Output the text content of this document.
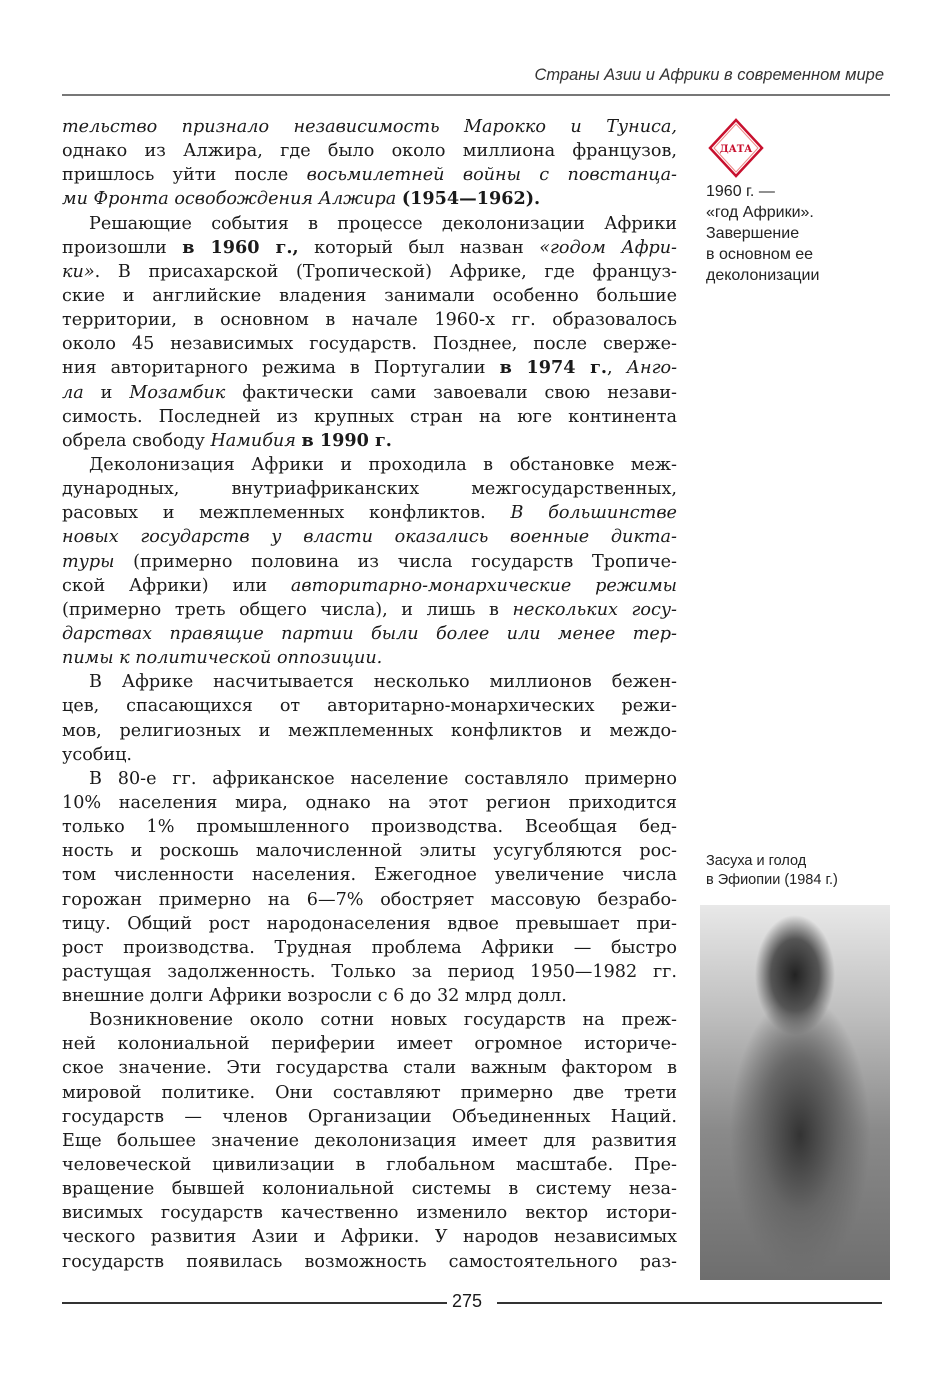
Страны Азии и Африки в современном мире
тельство признало независимость Марокко и Туниса,
однако из Алжира, где было около миллиона французов,
пришлось уйти после восьмилетней войны с повстанца-
ми Фронта освобождения Алжира (1954—1962).
Решающие события в процессе деколонизации Африки
произошли в 1960 г., который был назван «годом Афри-
ки». В присахарской (Тропической) Африке, где француз-
ские и английские владения занимали особенно большие
территории, в основном в начале 1960-х гг. образовалось
около 45 независимых государств. Позднее, после сверже-
ния авторитарного режима в Португалии в 1974 г., Анго-
ла и Мозамбик фактически сами завоевали свою незави-
симость. Последней из крупных стран на юге континента
обрела свободу Намибия в 1990 г.
Деколонизация Африки и проходила в обстановке меж-
дународных, внутриафриканских межгосударственных,
расовых и межплеменных конфликтов. В большинстве
новых государств у власти оказались военные дикта-
туры (примерно половина из числа государств Тропиче-
ской Африки) или авторитарно-монархические режимы
(примерно треть общего числа), и лишь в нескольких госу-
дарствах правящие партии были более или менее тер-
пимы к политической оппозиции.
В Африке насчитывается несколько миллионов бежен-
цев, спасающихся от авторитарно-монархических режи-
мов, религиозных и межплеменных конфликтов и междо-
усобиц.
В 80-е гг. африканское население составляло примерно
10% населения мира, однако на этот регион приходится
только 1% промышленного производства. Всеобщая бед-
ность и роскошь малочисленной элиты усугубляются рос-
том численности населения. Ежегодное увеличение числа
горожан примерно на 6—7% обостряет массовую безрабо-
тицу. Общий рост народонаселения вдвое превышает при-
рост производства. Трудная проблема Африки — быстро
растущая задолженность. Только за период 1950—1982 гг.
внешние долги Африки возросли с 6 до 32 млрд долл.
Возникновение около сотни новых государств на преж-
ней колониальной периферии имеет огромное историче-
ское значение. Эти государства стали важным фактором в
мировой политике. Они составляют примерно две трети
государств — членов Организации Объединенных Наций.
Еще большее значение деколонизация имеет для развития
человеческой цивилизации в глобальном масштабе. Пре-
вращение бывшей колониальной системы в систему неза-
висимых государств качественно изменило вектор истори-
ческого развития Азии и Африки. У народов независимых
государств появилась возможность самостоятельного раз-
ДАТА
1960 г. —
«год Африки».
Завершение
в основном ее
деколонизации
Засуха и голод
в Эфиопии (1984 г.)
275
